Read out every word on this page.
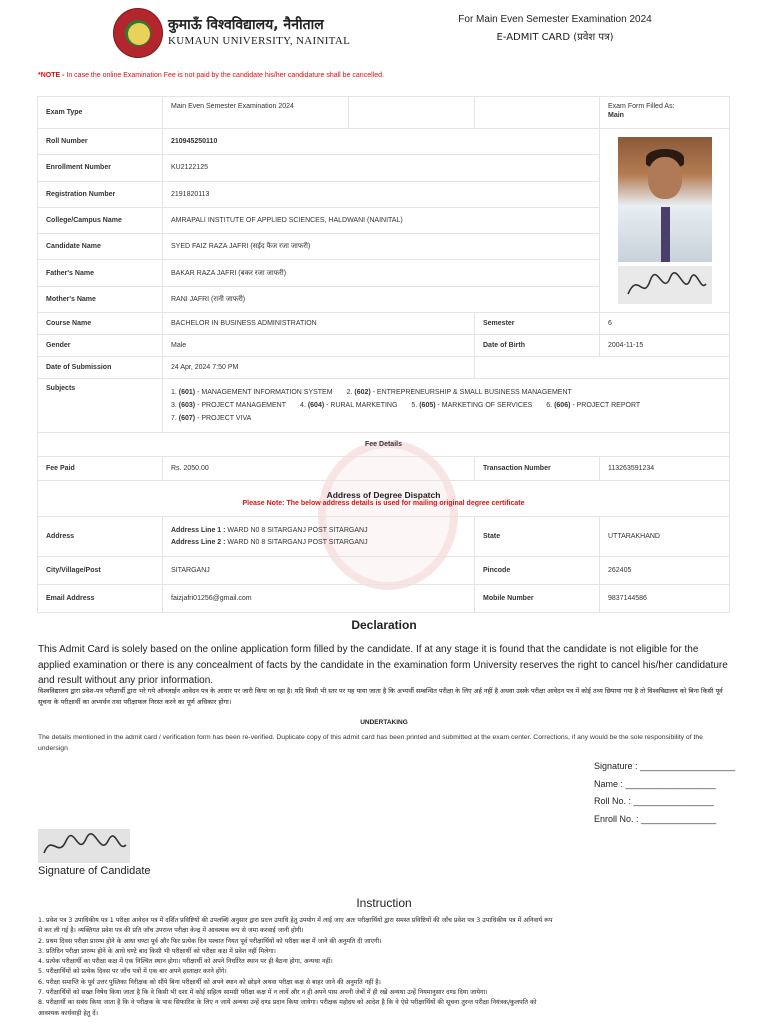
कुमाऊँ विश्वविद्यालय, नैनीताल
KUMAUN UNIVERSITY, NAINITAL
For Main Even Semester Examination 2024
E-ADMIT CARD (प्रवेश पत्र)
*NOTE - In case the online Examination Fee is not paid by the candidate his/her candidature shall be cancelled.
Exam Type	Main Even Semester Examination 2024			Exam Form Filled As:
Main

Roll Number	210945250110	

Enrollment Number	KU2122125			
Registration Number	2191820113			
College/Campus Name	AMRAPALI INSTITUTE OF APPLIED SCIENCES, HALDWANI (NAINITAL)			
Candidate Name	SYED FAIZ RAZA JAFRI (सईद फैज रजा जाफरी)			
Father's Name	BAKAR RAZA JAFRI (बकर रजा जाफरी)			
Mother's Name	RANI JAFRI (रानी जाफरी)			
Course Name	BACHELOR IN BUSINESS ADMINISTRATION		Semester	6
Gender	Male		Date of Birth	2004-11-15
Date of Submission	24 Apr, 2024 7:50 PM			
Subjects	1. (601) - MANAGEMENT INFORMATION SYSTEM 2. (602) - ENTREPRENEURSHIP & SMALL BUSINESS MANAGEMENT
3. (603) - PROJECT MANAGEMENT 4. (604) - RURAL MARKETING 5. (605) - MARKETING OF SERVICES 6. (606) - PROJECT REPORT
7. (607) - PROJECT VIVA			

Fee Details				
Fee Paid	Rs. 2050.00		Transaction Number	113263591234

Address of Degree Dispatch
Please Note: The below address details is used for mailing original degree certificate				

Address	Address Line 1 : WARD N0 8 SITARGANJ POST SITARGANJ
Address Line 2 : WARD N0 8 SITARGANJ POST SITARGANJ		State	UTTARAKHAND
City/Village/Post	SITARGANJ		Pincode	262405
Email Address	faizjafri01256@gmail.com		Mobile Number	9837144586
Declaration
This Admit Card is solely based on the online application form filled by the candidate. If at any stage it is found that the candidate is not eligible for the applied examination or there is any concealment of facts by the candidate in the examination form University reserves the right to cancel his/her candidature and result without any prior information.
विश्वविद्यालय द्वारा प्रवेश-पत्र परीक्षार्थी द्वारा भरे गये ऑनलाईन आवेदन पत्र के आधार पर जारी किया जा रहा है। यदि किसी भी स्तर पर यह पाया जाता है कि अभ्यर्थी सम्बन्धित परीक्षा के लिए अर्ह नहीं है अथवा उसके परीक्षा आवेदन पत्र में कोई तथ्य छिपाया गया है तो विश्वविद्यालय को बिना किसी पूर्व सूचना के परीक्षार्थी का अभ्यर्थन तथा परीक्षाफल निरस्त करने का पूर्ण अधिकार होगा।
UNDERTAKING
The details mentioned in the admit card / verification form has been re-verified. Duplicate copy of this admit card has been printed and submitted at the exam center. Corrections, if any would be the sole responsibility of the undersign
Signature : ___________________
Name : __________________
Roll No. : ________________
Enroll No. : _______________
Signature of Candidate
Instruction
1. प्रवेश पत्र 3 उपाधिकीय पत्र 1 परीक्षा आवेदन पत्र में दर्शित प्रविष्टियों की उपलब्धि अनुसार द्वारा प्रदत्त उपाधि हेतु उपयोग में लाई जाए अतः परीक्षार्थियों द्वारा समस्त प्रविष्टियों की जाँच प्रवेश पत्र 3 उपाधिकीय पत्र में अनिवार्य रूप
से कर ली गई है। व्यक्तिगत प्रवेश पत्र की प्रति जाँच उपरान्त परीक्षा केन्द्र में आवश्यक रूप से जमा करवाई जानी होगी।
2. प्रथम दिवस परीक्षा प्रारम्भ होने के आधा घण्टा पूर्व और फिर प्रत्येक दिन पश्चात नियत पूर्व परीक्षार्थियों को परीक्षा कक्ष में जाने की अनुमति दी जाएगी।
3. प्रतिदिन परीक्षा प्रारम्भ होने के आधे घण्टे बाद किसी भी परीक्षार्थी को परीक्षा कक्ष में प्रवेश नहीं मिलेगा।
4. प्रत्येक परीक्षार्थी का परीक्षा कक्ष में एक निश्चित स्थान होगा। परीक्षार्थी को अपने निर्धारित स्थान पर ही बैठना होगा, अन्यथा नहीं।
5. परीक्षार्थियों को प्रत्येक दिवस पर जाँच पत्रों में एक बार अपने हस्ताक्षर करने होंगे।
6. परीक्षा समाप्ति के पूर्व उत्तर पुस्तिका निरीक्षक को सौंपे बिना परीक्षार्थी को अपने स्थान को छोड़ने अथवा परीक्षा कक्ष से बाहर जाने की अनुमति नहीं है।
7. परीक्षार्थियों को सख्त निषेध किया जाता है कि वे किसी भी दशा में कोई सहित्य सामग्री परीक्षा कक्ष में न लायें और न ही अपने पास अपनी जेबों में ही रखें अन्यथा उन्हें नियमानुसार दण्ड दिया जायेगा।
8. परीक्षार्थी का सबंध किया जाता है कि वे परीक्षक के पास सिफारिश के लिए न जायें अन्यथा उन्हें दण्ड प्रदान किया जायेगा। परीक्षक महोदय को आदेश है कि वे ऐसे परीक्षार्थियों की सूचना तुरन्त परीक्षा नियंत्रक/कुलपति को
आवश्यक कार्यवाही हेतु दें।
